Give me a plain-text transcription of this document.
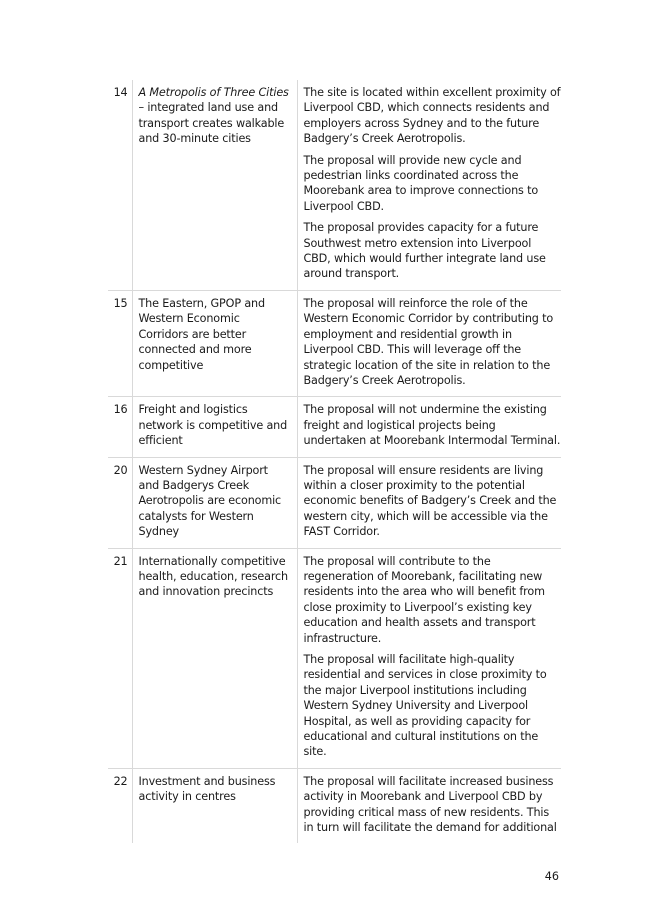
14	A Metropolis of Three Cities – integrated land use and transport creates walkable and 30-minute cities	The site is located within excellent proximity of Liverpool CBD, which connects residents and employers across Sydney and to the future Badgery’s Creek Aerotropolis.

The proposal will provide new cycle and pedestrian links coordinated across the Moorebank area to improve connections to Liverpool CBD.

The proposal provides capacity for a future Southwest metro extension into Liverpool CBD, which would further integrate land use around transport.

15	The Eastern, GPOP and Western Economic Corridors are better connected and more competitive	The proposal will reinforce the role of the Western Economic Corridor by contributing to employment and residential growth in Liverpool CBD. This will leverage off the strategic location of the site in relation to the Badgery’s Creek Aerotropolis.

16	Freight and logistics network is competitive and efficient	The proposal will not undermine the existing freight and logistical projects being undertaken at Moorebank Intermodal Terminal.

20	Western Sydney Airport and Badgerys Creek Aerotropolis are economic catalysts for Western Sydney	The proposal will ensure residents are living within a closer proximity to the potential economic benefits of Badgery’s Creek and the western city, which will be accessible via the FAST Corridor.

21	Internationally competitive health, education, research and innovation precincts	The proposal will contribute to the regeneration of Moorebank, facilitating new residents into the area who will benefit from close proximity to Liverpool’s existing key education and health assets and transport infrastructure.

The proposal will facilitate high-quality residential and services in close proximity to the major Liverpool institutions including Western Sydney University and Liverpool Hospital, as well as providing capacity for educational and cultural institutions on the site.

22	Investment and business activity in centres	The proposal will facilitate increased business activity in Moorebank and Liverpool CBD by providing critical mass of new residents. This in turn will facilitate the demand for additional

46
